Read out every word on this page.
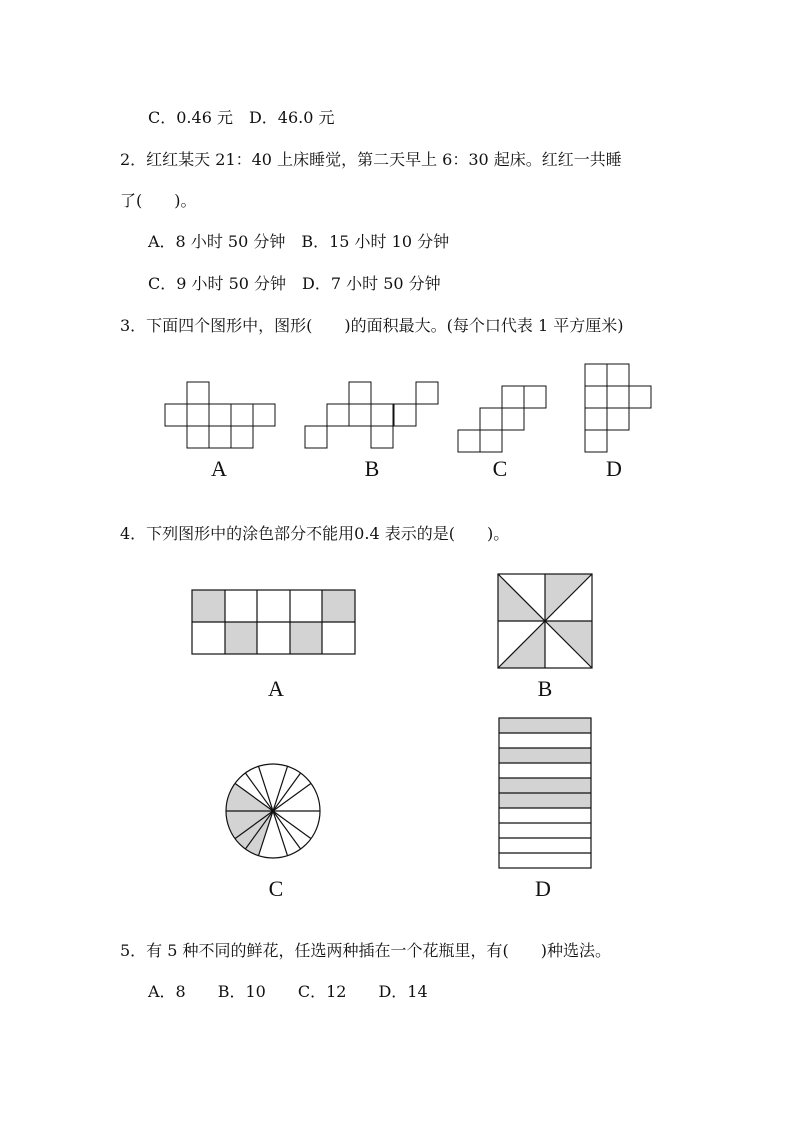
C．0.46 元　D．46.0 元
2．红红某天 21：40 上床睡觉，第二天早上 6：30 起床。红红一共睡
了(　　)。
A．8 小时 50 分钟　B．15 小时 10 分钟
C．9 小时 50 分钟　D．7 小时 50 分钟
3．下面四个图形中，图形(　　)的面积最大。(每个口代表 1 平方厘米)
4．下列图形中的涂色部分不能用0.4 表示的是(　　)。
5．有 5 种不同的鲜花，任选两种插在一个花瓶里，有(　　)种选法。
A．8　　B．10　　C．12　　D．14
A	B	C	D
A	B
C	D
